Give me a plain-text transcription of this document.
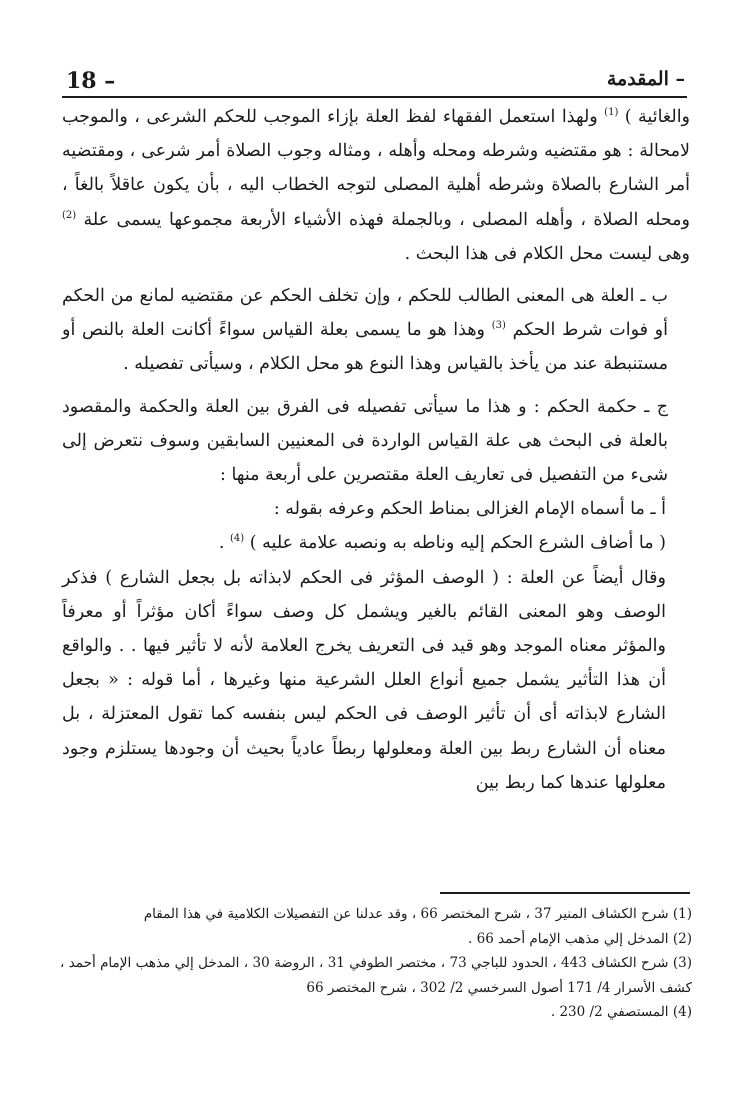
18 –	– المقدمة

والغائية ) $^{(1)}$ ولهذا استعمل الفقهاء لفظ العلة بإزاء الموجب للحكم الشرعى ، والموجب لامحالة : هو مقتضيه وشرطه ومحله وأهله ، ومثاله وجوب الصلاة أمر شرعى ، ومقتضيه أمر الشارع بالصلاة وشرطه أهلية المصلى لتوجه الخطاب اليه ، بأن يكون عاقلاً بالغاً ، ومحله الصلاة ، وأهله المصلى ، وبالجملة فهذه الأشياء الأربعة مجموعها يسمى علة $^{(2)}$ وهى ليست محل الكلام فى هذا البحث .

ب ـ العلة هى المعنى الطالب للحكم ، وإن تخلف الحكم عن مقتضيه لمانع من الحكم أو فوات شرط الحكم $^{(3)}$ وهذا هو ما يسمى بعلة القياس سواءً أكانت العلة بالنص أو مستنبطة عند من يأخذ بالقياس وهذا النوع هو محل الكلام ، وسيأتى تفصيله .

ج ـ حكمة الحكم : و هذا ما سيأتى تفصيله فى الفرق بين العلة والحكمة والمقصود بالعلة فى البحث هى علة القياس الواردة فى المعنيين السابقين وسوف نتعرض إلى شىء من التفصيل فى تعاريف العلة مقتصرين على أربعة منها :

أ ـ ما أسماه الإمام الغزالى بمناط الحكم وعرفه بقوله :

( ما أضاف الشرع الحكم إليه وناطه به ونصبه علامة عليه ) $^{(4)}$ .

وقال أيضاً عن العلة : ( الوصف المؤثر فى الحكم لابذاته بل بجعل الشارع ) فذكر الوصف وهو المعنى القائم بالغير ويشمل كل وصف سواءً أكان مؤثراً أو معرفاً والمؤثر معناه الموجد وهو قيد فى التعريف يخرج العلامة لأنه لا تأثير فيها . . والواقع أن هذا التأثير يشمل جميع أنواع العلل الشرعية منها وغيرها ، أما قوله : « بجعل الشارع لابذاته أى أن تأثير الوصف فى الحكم ليس بنفسه كما تقول المعتزلة ، بل معناه أن الشارع ربط بين العلة ومعلولها ربطاً عادياً بحيث أن وجودها يستلزم وجود معلولها عندها كما ربط بين

(1) شرح الكشاف المنير 37 ، شرح المختصر 66 ، وقد عدلنا عن التفصيلات الكلامية في هذا المقام

(2) المدخل إلي مذهب الإمام أحمد 66 .

(3) شرح الكشاف 443 ، الحدود للباجي 73 ، مختصر الطوفي 31 ، الروضة 30 ، المدخل إلي مذهب الإمام أحمد ، كشف الأسرار 4/ 171 أصول السرخسي 2/ 302 ، شرح المختصر 66

(4) المستصفي 2/ 230 .
